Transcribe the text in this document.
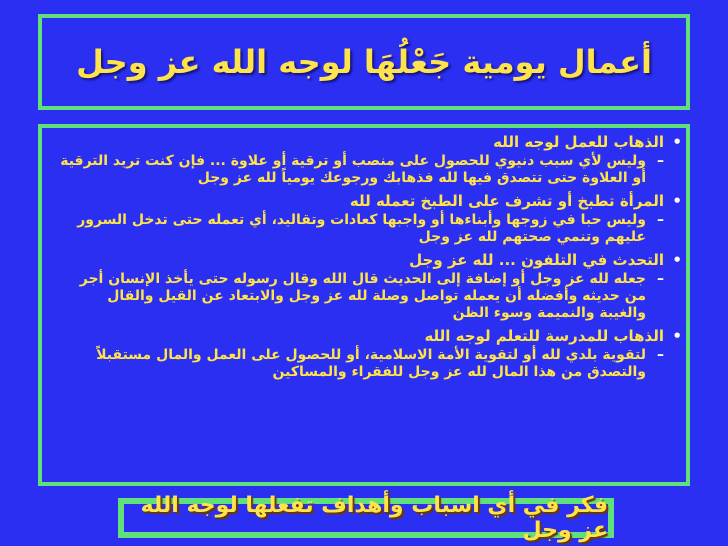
أعمال يومية جَعْلُهَا لوجه الله عز وجل
•
الذهاب للعمل لوجه الله
–
وليس لأي سبب دنيوي للحصول على منصب أو ترقية أو علاوة ... فإن كنت تريد الترقية أو العلاوة حتى تتصدق فيها لله فذهابك ورجوعك يومياً لله عز وجل
•
المرأة تطبخ أو تشرف على الطبخ تعمله لله
–
وليس حبا في زوجها وأبناءها أو واجبها كعادات وتقاليد، أي تعمله حتى تدخل السرور عليهم وتنمي صحتهم لله عز وجل
•
التحدث في التلفون ... لله عز وجل
–
جعله لله عز وجل أو إضافة إلى الحديث قال الله وقال رسوله حتى يأخذ الإنسان أجر من حديثه وأفضله أن يعمله تواصل وصلة لله عز وجل والابتعاد عن القيل والقال والغيبة والنميمة وسوء الظن
•
الذهاب للمدرسة للتعلم لوجه الله
–
لتقوية بلدي لله أو لتقوية الأمة الاسلامية، أو للحصول على العمل والمال مستقبلاً والتصدق من هذا المال لله عز وجل للفقراء والمساكين
فكر في أي اسباب وأهداف تفعلها لوجه الله عز وجل
